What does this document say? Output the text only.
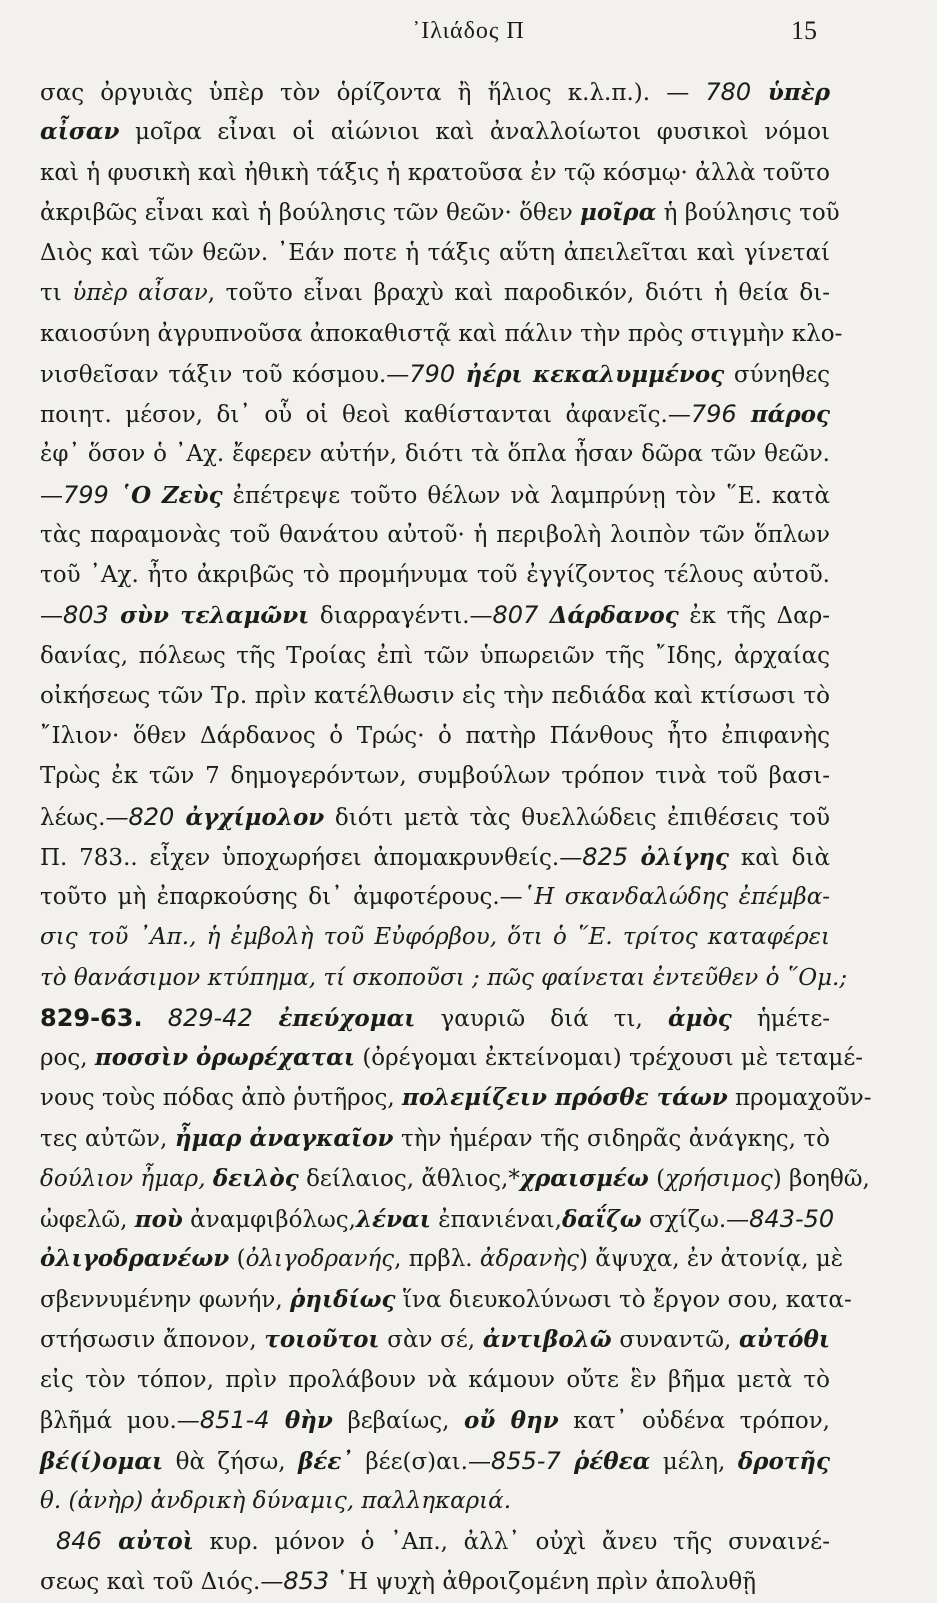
᾽Ιλιάδος Π	15
σας ὀργυιὰς ὑπὲρ τὸν ὁρίζοντα ἢ ἥλιος κ.λ.π.). — 780 ὑπὲρ
αἶσαν μοῖρα εἶναι οἱ αἰώνιοι καὶ ἀναλλοίωτοι φυσικοὶ νόμοι
καὶ ἡ φυσικὴ καὶ ἠθικὴ τάξις ἡ κρατοῦσα ἐν τῷ κόσμῳ· ἀλλὰ τοῦτο
ἀκριβῶς εἶναι καὶ ἡ βούλησις τῶν θεῶν· ὅθεν μοῖρα ἡ βούλησις τοῦ
Διὸς καὶ τῶν θεῶν. ᾽Εάν ποτε ἡ τάξις αὕτη ἀπειλεῖται καὶ γίνεταί
τι ὑπὲρ αἶσαν, τοῦτο εἶναι βραχὺ καὶ παροδικόν, διότι ἡ θεία δι-
καιοσύνη ἀγρυπνοῦσα ἀποκαθιστᾷ καὶ πάλιν τὴν πρὸς στιγμὴν κλο-
νισθεῖσαν τάξιν τοῦ κόσμου.—790 ἠέρι κεκαλυμμένος σύνηθες
ποιητ. μέσον, δι᾽ οὗ οἱ θεοὶ καθίστανται ἀφανεῖς.—796 πάρος
ἐφ᾽ ὅσον ὁ ᾽Αχ. ἔφερεν αὐτήν, διότι τὰ ὅπλα ἦσαν δῶρα τῶν θεῶν.
—799 ῾Ο Ζεὺς ἐπέτρεψε τοῦτο θέλων νὰ λαμπρύνῃ τὸν ῞Ε. κατὰ
τὰς παραμονὰς τοῦ θανάτου αὐτοῦ· ἡ περιβολὴ λοιπὸν τῶν ὅπλων
τοῦ ᾽Αχ. ἦτο ἀκριβῶς τὸ προμήνυμα τοῦ ἐγγίζοντος τέλους αὐτοῦ.
—803 σὺν τελαμῶνι διαρραγέντι.—807 Δάρδανος ἐκ τῆς Δαρ-
δανίας, πόλεως τῆς Τροίας ἐπὶ τῶν ὑπωρειῶν τῆς ῎Ιδης, ἀρχαίας
οἰκήσεως τῶν Τρ. πρὶν κατέλθωσιν εἰς τὴν πεδιάδα καὶ κτίσωσι τὸ
῎Ιλιον· ὅθεν Δάρδανος ὁ Τρώς· ὁ πατὴρ Πάνθους ἦτο ἐπιφανὴς
Τρὼς ἐκ τῶν 7 δημογερόντων, συμβούλων τρόπον τινὰ τοῦ βασι-
λέως.—820 ἀγχίμολον διότι μετὰ τὰς θυελλώδεις ἐπιθέσεις τοῦ
Π. 783.. εἶχεν ὑποχωρήσει ἀπομακρυνθείς.—825 ὀλίγης καὶ διὰ
τοῦτο μὴ ἐπαρκούσης δι᾽ ἀμφοτέρους.—῾Η σκανδαλώδης ἐπέμβα-
σις τοῦ ᾽Απ., ἡ ἐμβολὴ τοῦ Εὐφόρβου, ὅτι ὁ ῞Ε. τρίτος καταφέρει
τὸ θανάσιμον κτύπημα, τί σκοποῦσι ; πῶς φαίνεται ἐντεῦθεν ὁ ῞Ομ.;
829-63. 829-42 ἐπεύχομαι γαυριῶ διά τι, ἀμὸς ἡμέτε-
ρος, ποσσὶν ὀρωρέχαται (ὀρέγομαι ἐκτείνομαι) τρέχουσι μὲ τεταμέ-
νους τοὺς πόδας ἀπὸ ῥυτῆρος, πολεμίζειν πρόσθε τάων προμαχοῦν-
τες αὐτῶν, ἦμαρ ἀναγκαῖον τὴν ἡμέραν τῆς σιδηρᾶς ἀνάγκης, τὸ
δούλιον ἦμαρ, δειλὸς δείλαιος, ἄθλιος,*χραισμέω (χρήσιμος) βοηθῶ,
ὠφελῶ, ποὺ ἀναμφιβόλως,λέναι ἐπανιέναι,δαΐζω σχίζω.—843-50
ὀλιγοδρανέων (ὀλιγοδρανής, πρβλ. ἀδρανὴς) ἄψυχα, ἐν ἀτονίᾳ, μὲ
σβεννυμένην φωνήν, ῥηιδίως ἵνα διευκολύνωσι τὸ ἔργον σου, κατα-
στήσωσιν ἄπονον, τοιοῦτοι σὰν σέ, ἀντιβολῶ συναντῶ, αὐτόθι
εἰς τὸν τόπον, πρὶν προλάβουν νὰ κάμουν οὔτε ἓν βῆμα μετὰ τὸ
βλῆμά μου.—851-4 θὴν βεβαίως, οὔ θην κατ᾽ οὐδένα τρόπον,
βέ(ί)ομαι θὰ ζήσω, βέε᾽ βέε(σ)αι.—855-7 ῥέθεα μέλη, δροτῆς
θ. (ἀνὴρ) ἀνδρικὴ δύναμις, παλληκαριά.
846 αὐτοὶ κυρ. μόνον ὁ ᾽Απ., ἀλλ᾽ οὐχὶ ἄνευ τῆς συναινέ-
σεως καὶ τοῦ Διός.—853 ῾Η ψυχὴ ἀθροιζομένη πρὶν ἀπολυθῇ
